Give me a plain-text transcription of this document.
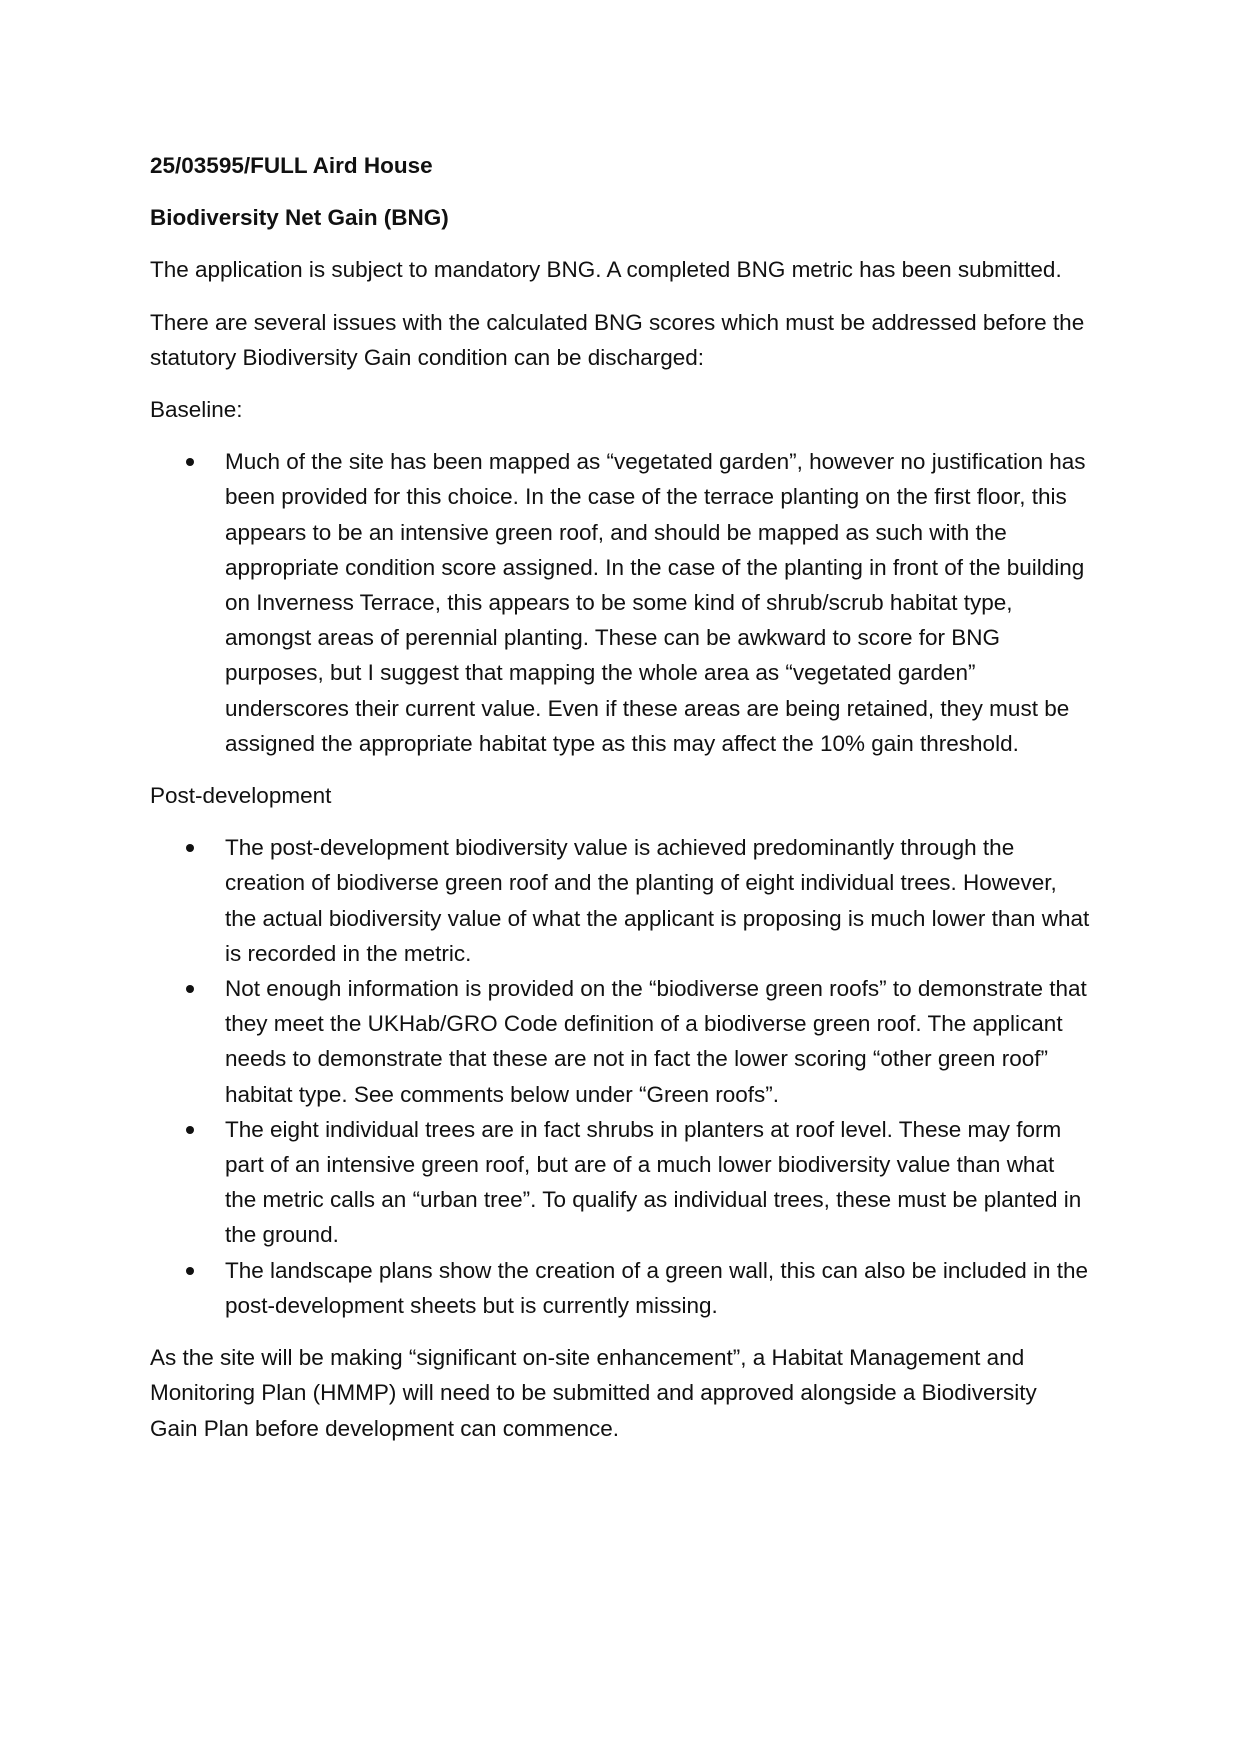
25/03595/FULL Aird House

Biodiversity Net Gain (BNG)

The application is subject to mandatory BNG. A completed BNG metric has been submitted.

There are several issues with the calculated BNG scores which must be addressed before the statutory Biodiversity Gain condition can be discharged:

Baseline:

Much of the site has been mapped as “vegetated garden”, however no justification has been provided for this choice. In the case of the terrace planting on the first floor, this appears to be an intensive green roof, and should be mapped as such with the appropriate condition score assigned. In the case of the planting in front of the building on Inverness Terrace, this appears to be some kind of shrub/scrub habitat type, amongst areas of perennial planting. These can be awkward to score for BNG purposes, but I suggest that mapping the whole area as “vegetated garden” underscores their current value. Even if these areas are being retained, they must be assigned the appropriate habitat type as this may affect the 10% gain threshold.

Post-development

The post-development biodiversity value is achieved predominantly through the creation of biodiverse green roof and the planting of eight individual trees. However, the actual biodiversity value of what the applicant is proposing is much lower than what is recorded in the metric.
Not enough information is provided on the “biodiverse green roofs” to demonstrate that they meet the UKHab/GRO Code definition of a biodiverse green roof. The applicant needs to demonstrate that these are not in fact the lower scoring “other green roof” habitat type. See comments below under “Green roofs”.
The eight individual trees are in fact shrubs in planters at roof level. These may form part of an intensive green roof, but are of a much lower biodiversity value than what the metric calls an “urban tree”. To qualify as individual trees, these must be planted in the ground.
The landscape plans show the creation of a green wall, this can also be included in the post-development sheets but is currently missing.

As the site will be making “significant on-site enhancement”, a Habitat Management and Monitoring Plan (HMMP) will need to be submitted and approved alongside a Biodiversity Gain Plan before development can commence.
